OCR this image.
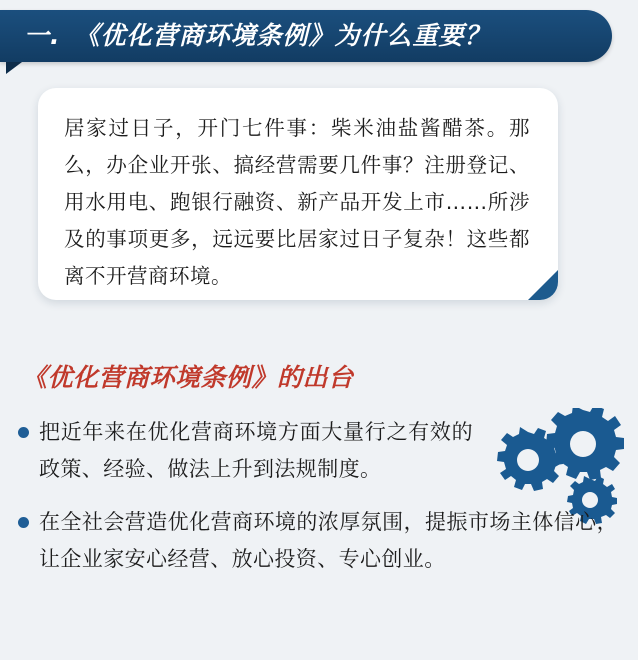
一. 《优化营商环境条例》为什么重要？
居家过日子，开门七件事：柴米油盐酱醋茶。那么，办企业开张、搞经营需要几件事？注册登记、用水用电、跑银行融资、新产品开发上市……所涉及的事项更多，远远要比居家过日子复杂！这些都离不开营商环境。
《优化营商环境条例》的出台
把近年来在优化营商环境方面大量行之有效的政策、经验、做法上升到法规制度。
在全社会营造优化营商环境的浓厚氛围，提振市场主体信心，让企业家安心经营、放心投资、专心创业。
